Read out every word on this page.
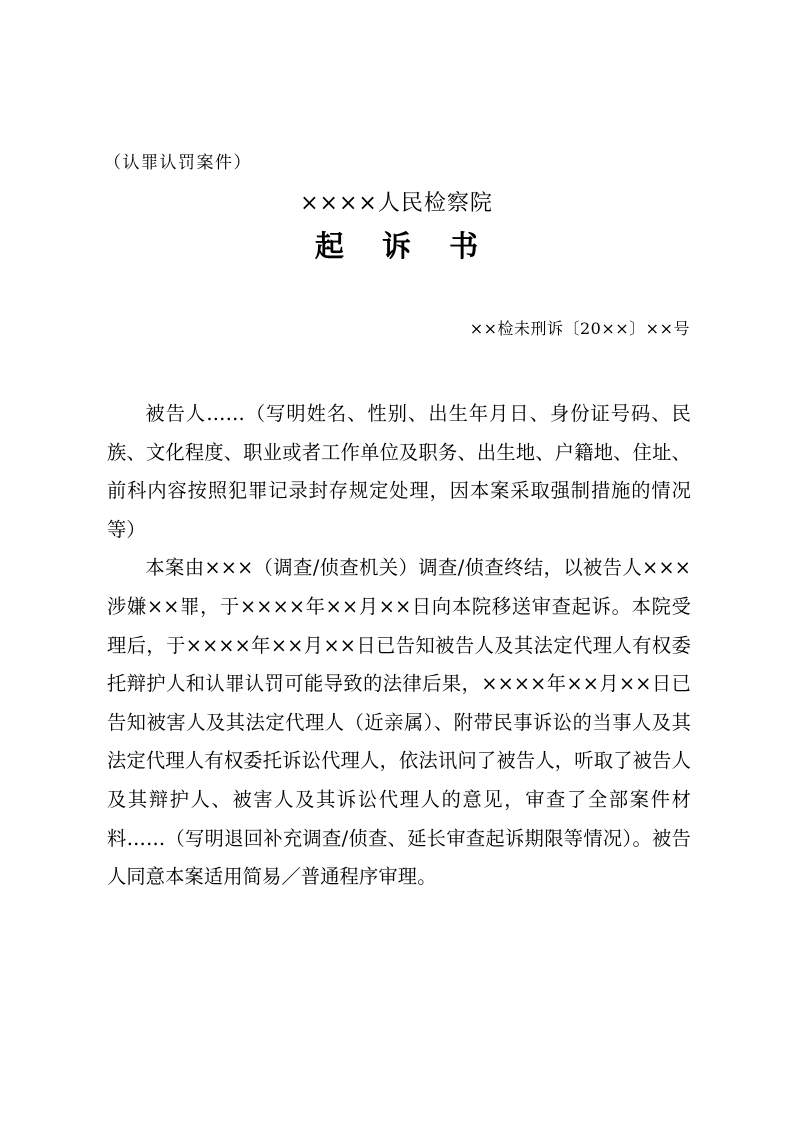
（认罪认罚案件）
××××人民检察院
起 诉 书
××检未刑诉〔20××〕××号

被告人……（写明姓名、性别、出生年月日、身份证号码、民族、文化程度、职业或者工作单位及职务、出生地、户籍地、住址、前科内容按照犯罪记录封存规定处理，因本案采取强制措施的情况等）

本案由×××（调查/侦查机关）调查/侦查终结，以被告人×××涉嫌××罪，于××××年××月××日向本院移送审查起诉。本院受理后，于××××年××月××日已告知被告人及其法定代理人有权委托辩护人和认罪认罚可能导致的法律后果，××××年××月××日已告知被害人及其法定代理人（近亲属）、附带民事诉讼的当事人及其法定代理人有权委托诉讼代理人，依法讯问了被告人，听取了被告人及其辩护人、被害人及其诉讼代理人的意见，审查了全部案件材料……（写明退回补充调查/侦查、延长审查起诉期限等情况）。被告人同意本案适用简易／普通程序审理。
